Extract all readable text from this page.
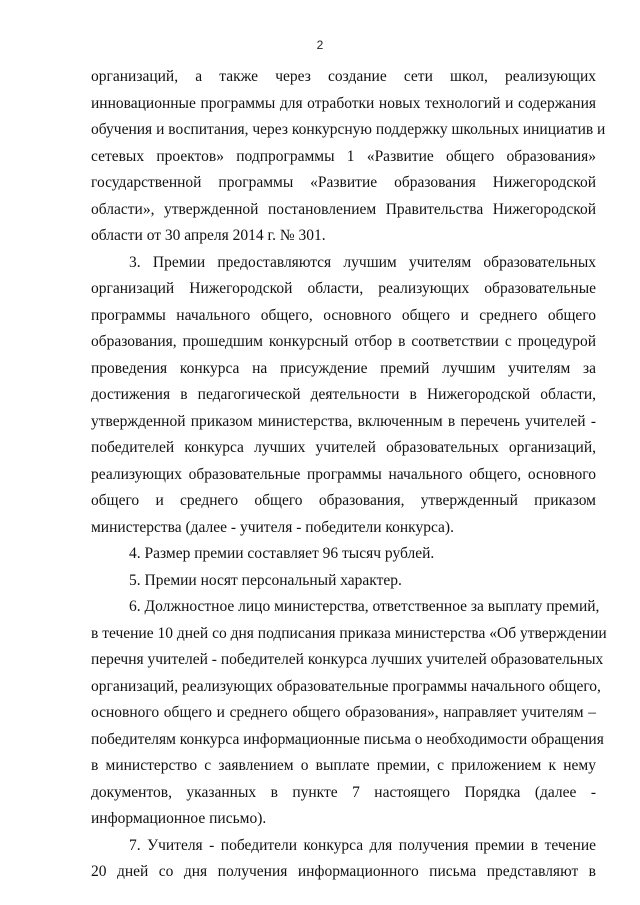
2
организаций, а также через создание сети школ, реализующих
инновационные программы для отработки новых технологий и содержания
обучения и воспитания, через конкурсную поддержку школьных инициатив и
сетевых проектов» подпрограммы 1 «Развитие общего образования»
государственной программы «Развитие образования Нижегородской
области», утвержденной постановлением Правительства Нижегородской
области от 30 апреля 2014 г. № 301.
3. Премии предоставляются лучшим учителям образовательных
организаций Нижегородской области, реализующих образовательные
программы начального общего, основного общего и среднего общего
образования, прошедшим конкурсный отбор в соответствии с процедурой
проведения конкурса на присуждение премий лучшим учителям за
достижения в педагогической деятельности в Нижегородской области,
утвержденной приказом министерства, включенным в перечень учителей -
победителей конкурса лучших учителей образовательных организаций,
реализующих образовательные программы начального общего, основного
общего и среднего общего образования, утвержденный приказом
министерства (далее - учителя - победители конкурса).
4. Размер премии составляет 96 тысяч рублей.
5. Премии носят персональный характер.
6. Должностное лицо министерства, ответственное за выплату премий,
в течение 10 дней со дня подписания приказа министерства «Об утверждении
перечня учителей - победителей конкурса лучших учителей образовательных
организаций, реализующих образовательные программы начального общего,
основного общего и среднего общего образования», направляет учителям –
победителям конкурса информационные письма о необходимости обращения
в министерство с заявлением о выплате премии, с приложением к нему
документов, указанных в пункте 7 настоящего Порядка (далее -
информационное письмо).
7. Учителя - победители конкурса для получения премии в течение
20 дней со дня получения информационного письма представляют в
